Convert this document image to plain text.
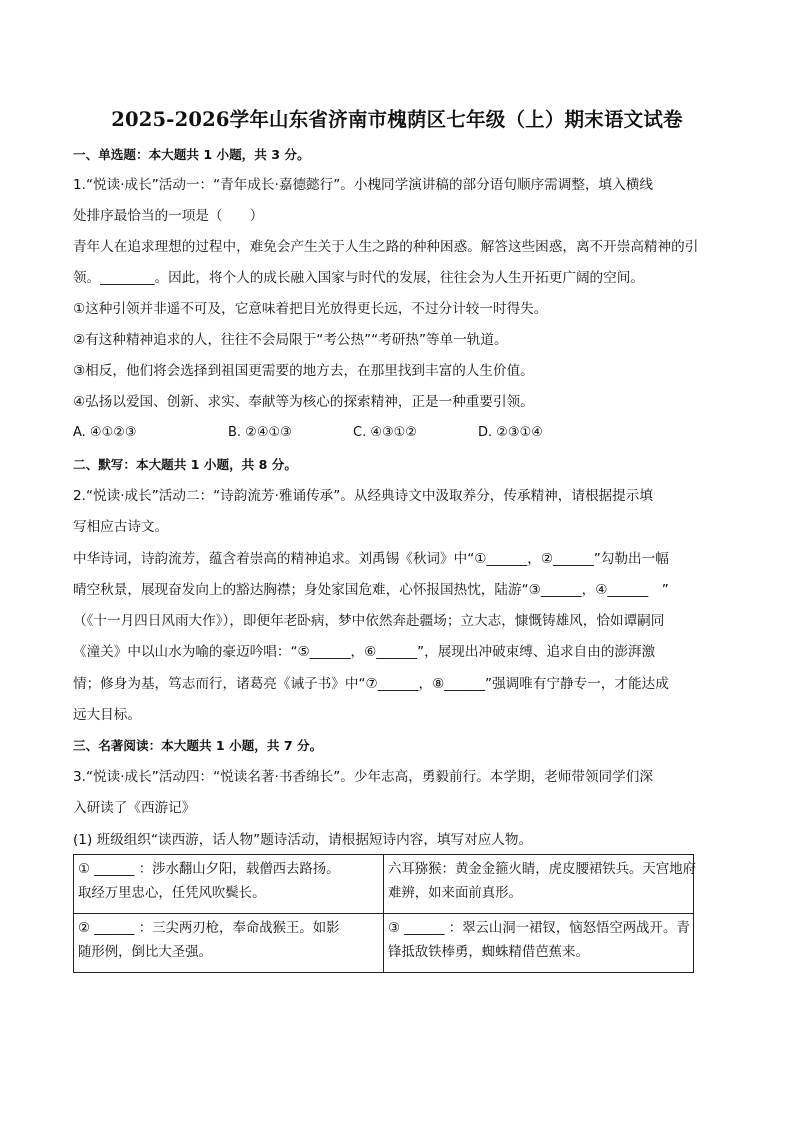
2025-2026学年山东省济南市槐荫区七年级（上）期末语文试卷
一、单选题：本大题共 1 小题，共 3 分。
1.“悦读·成长”活动一：“青年成长·嘉德懿行”。小槐同学演讲稿的部分语句顺序需调整，填入横线
处排序最恰当的一项是（　　）
青年人在追求理想的过程中，难免会产生关于人生之路的种种困惑。解答这些困惑，离不开崇高精神的引
领。________。因此，将个人的成长融入国家与时代的发展，往往会为人生开拓更广阔的空间。
①这种引领并非遥不可及，它意味着把目光放得更长远，不过分计较一时得失。
②有这种精神追求的人，往往不会局限于“考公热”“考研热”等单一轨道。
③相反，他们将会选择到祖国更需要的地方去，在那里找到丰富的人生价值。
④弘扬以爱国、创新、求实、奉献等为核心的探索精神，正是一种重要引领。
A. ④①②③	B. ②④①③	C. ④③①②	D. ②③①④
二、默写：本大题共 1 小题，共 8 分。
2.“悦读·成长”活动二：“诗韵流芳·雅诵传承”。从经典诗文中汲取养分，传承精神，请根据提示填
写相应古诗文。
中华诗词，诗韵流芳，蕴含着崇高的精神追求。刘禹锡《秋词》中“①______，②______”勾勒出一幅
晴空秋景，展现奋发向上的豁达胸襟；身处家国危难，心怀报国热忱，陆游“③______，④______　”
（《十一月四日风雨大作》），即便年老卧病，梦中依然奔赴疆场；立大志，慷慨铸雄风，恰如谭嗣同
《潼关》中以山水为喻的豪迈吟唱：“⑤______，⑥______”，展现出冲破束缚、追求自由的澎湃激
情；修身为基，笃志而行，诸葛亮《诫子书》中“⑦______，⑧______”强调唯有宁静专一，才能达成
远大目标。
三、名著阅读：本大题共 1 小题，共 7 分。
3.“悦读·成长”活动四：“悦读名著·书香绵长”。少年志高，勇毅前行。本学期，老师带领同学们深
入研读了《西游记》
(1) 班级组织“读西游，话人物”题诗活动，请根据短诗内容，填写对应人物。
① ______ ：涉水翻山夕阳，载僧西去路扬。
取经万里忠心，任凭风吹鬓长。	六耳猕猴：黄金金箍火睛，虎皮腰裙铁兵。天宫地府
难辨，如来面前真形。

② ______ ：三尖两刃枪，奉命战猴王。如影
随形例，倒比大圣强。	③ ______ ：翠云山洞一裙钗，恼怒悟空两战开。青
锋抵敌铁棒勇，蜘蛛精借芭蕉来。
